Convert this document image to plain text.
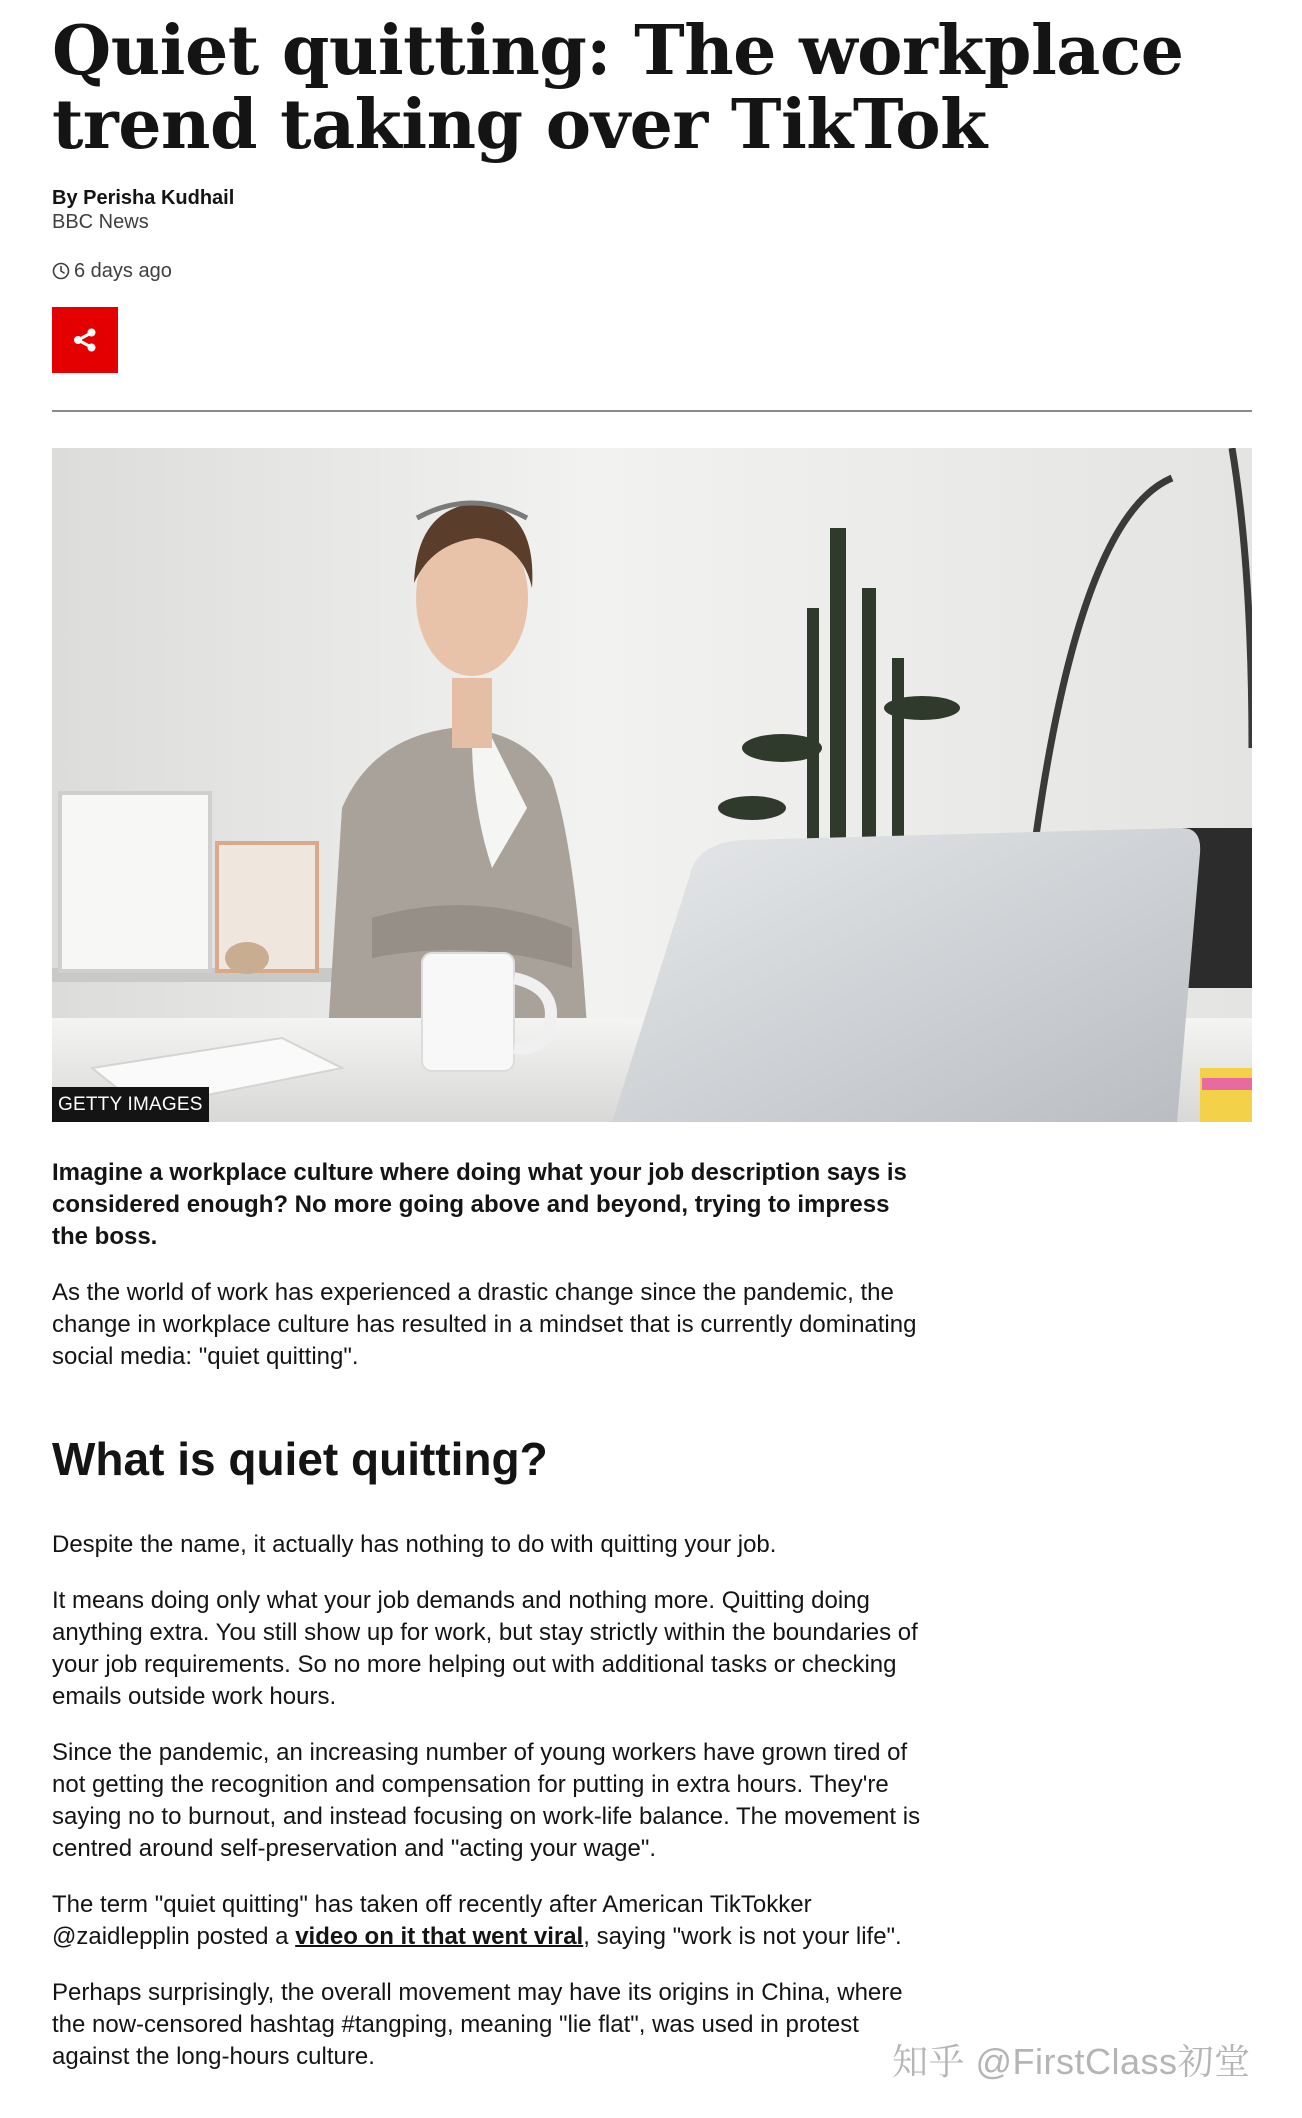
Quiet quitting: The workplace trend taking over TikTok
By Perisha Kudhail
BBC News
6 days ago
GETTY IMAGES

Imagine a workplace culture where doing what your job description says is considered enough? No more going above and beyond, trying to impress the boss.

As the world of work has experienced a drastic change since the pandemic, the change in workplace culture has resulted in a mindset that is currently dominating social media: "quiet quitting".

What is quiet quitting?

Despite the name, it actually has nothing to do with quitting your job.

It means doing only what your job demands and nothing more. Quitting doing anything extra. You still show up for work, but stay strictly within the boundaries of your job requirements. So no more helping out with additional tasks or checking emails outside work hours.

Since the pandemic, an increasing number of young workers have grown tired of not getting the recognition and compensation for putting in extra hours. They're saying no to burnout, and instead focusing on work-life balance. The movement is centred around self-preservation and "acting your wage".

The term "quiet quitting" has taken off recently after American TikTokker @zaidlepplin posted a video on it that went viral, saying "work is not your life".

Perhaps surprisingly, the overall movement may have its origins in China, where the now-censored hashtag #tangping, meaning "lie flat", was used in protest against the long-hours culture.	知乎 @FirstClass初堂
